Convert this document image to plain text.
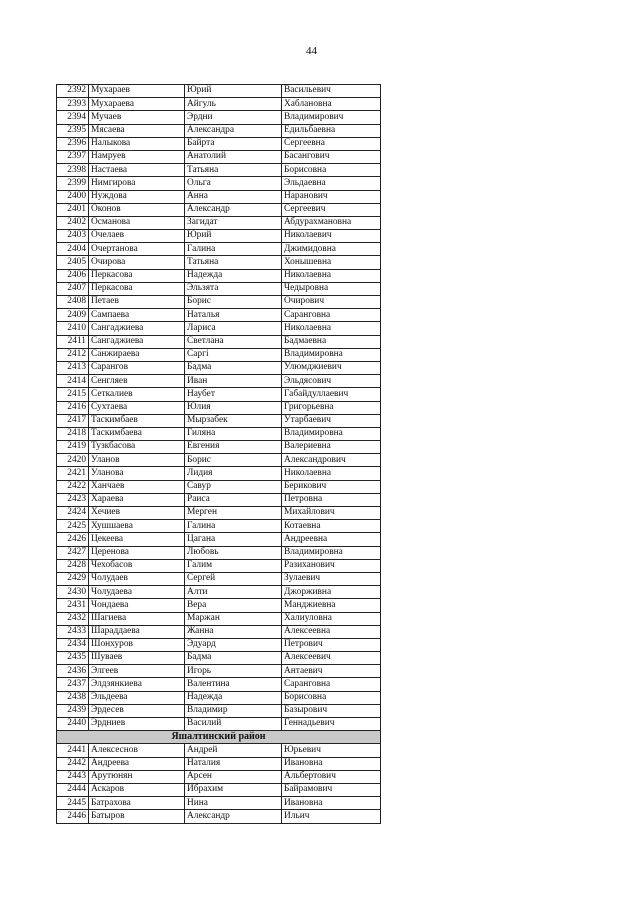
44
2392	Мухараев	Юрий	Васильевич
2393	Мухараева	Айгуль	Хаблановна
2394	Мучаев	Эрдни	Владимирович
2395	Мясаева	Александра	Едильбаевна
2396	Налыкова	Байрта	Сергеевна
2397	Намруев	Анатолий	Басангович
2398	Настаева	Татьяна	Борисовна
2399	Нимгирова	Ольга	Эльдаевна
2400	Нуждова	Анна	Наранович
2401	Оконов	Александр	Сергеевич
2402	Османова	Загидат	Абдурахмановна
2403	Очелаев	Юрий	Николаевич
2404	Очертанова	Галина	Джимидовна
2405	Очирова	Татьяна	Хонышевна
2406	Перкасова	Надежда	Николаевна
2407	Перкасова	Эльзята	Чедыровна
2408	Петаев	Борис	Очирович
2409	Сампаева	Наталья	Саранговна
2410	Сангаджиева	Лариса	Николаевна
2411	Сангаджиева	Светлана	Бадмаевна
2412	Санжираева	Саргі	Владимировна
2413	Сарангов	Бадма	Улюмджиевич
2414	Сенгляев	Иван	Эльдясович
2415	Сеткалиев	Наубет	Габайдуллаевич
2416	Сухтаева	Юлия	Григорьевна
2417	Таскимбаев	Мырзабек	Утарбаевич
2418	Таскимбаева	Гиляна	Владимировна
2419	Тузкбасова	Евгения	Валериевна
2420	Уланов	Борис	Александрович
2421	Уланова	Лидия	Николаевна
2422	Ханчаев	Савур	Берикович
2423	Хараева	Раиса	Петровна
2424	Хечиев	Мерген	Михайлович
2425	Хушшаева	Галина	Котаевна
2426	Цекеева	Цагана	Андреевна
2427	Церенова	Любовь	Владимировна
2428	Чехобасов	Галим	Разиханович
2429	Чолудаев	Сергей	Зулаевич
2430	Чолудаева	Алти	Джорживна
2431	Чондаева	Вера	Манджиевна
2432	Шагиева	Маржан	Халиуловна
2433	Шараддаева	Жанна	Алексеевна
2434	Шонхуров	Эдуард	Петрович
2435	Шуваев	Бадма	Алексеевич
2436	Элгеев	Игорь	Антаевич
2437	Элдзянкиева	Валентина	Саранговна
2438	Эльдеева	Надежда	Борисовна
2439	Эрдесев	Владимир	Базырович
2440	Эрдниев	Василий	Геннадьевич
Яшалтинский район			
2441	Алексеснов	Андрей	Юрьевич
2442	Андреева	Наталия	Ивановна
2443	Арутюнян	Арсен	Альбертович
2444	Аскаров	Ибрахим	Байрамович
2445	Батрахова	Нина	Ивановна
2446	Батыров	Александр	Ильич
